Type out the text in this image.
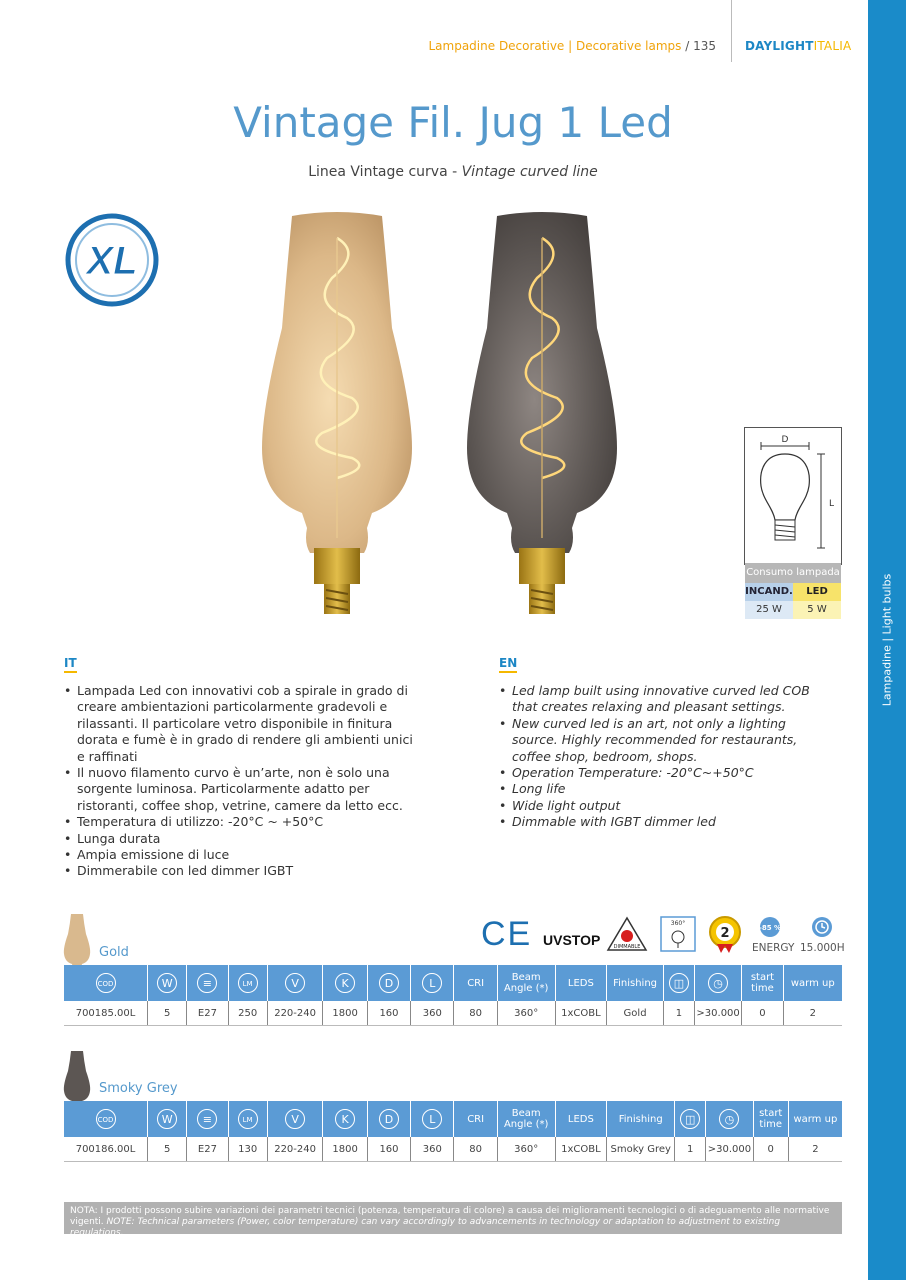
Lampadine Decorative | Decorative lamps / 135 DAYLIGHTITALIA
Lampadine | Light bulbs
Vintage Fil. Jug 1 Led
Linea Vintage curva - Vintage curved line
XL
D
L
Consumo lampada
INCAND.	LED
25 W	5 W
IT
• Lampada Led con innovativi cob a spirale in grado di creare ambientazioni particolarmente gradevoli e rilassanti. Il particolare vetro disponibile in finitura dorata e fumè è in grado di rendere gli ambienti unici e raffinati
• Il nuovo filamento curvo è un’arte, non è solo una sorgente luminosa. Particolarmente adatto per ristoranti, coffee shop, vetrine, camere da letto ecc.
• Temperatura di utilizzo: -20°C ~ +50°C
• Lunga durata
• Ampia emissione di luce
• Dimmerabile con led dimmer IGBT
EN
• Led lamp built using innovative curved led COB that creates relaxing and pleasant settings.
• New curved led is an art, not only a lighting source. Highly recommended for restaurants, coffee shop, bedroom, shops.
• Operation Temperature: -20°C~+50°C
• Long life
• Wide light output
• Dimmable with IGBT dimmer led
CE UVSTOP	DIMMABLE
360°
2	-85 %
ENERGY 15.000H
Gold
COD	W	≡	LM	V	K	D	L	CRI	Beam Angle (*)	LEDS	Finishing	◫	◷	start time	warm up
700185.00L	5	E27	250	220-240	1800	160	360	80	360°	1xCOBL	Gold	1	>30.000	0	2
Smoky Grey
COD	W	≡	LM	V	K	D	L	CRI	Beam Angle (*)	LEDS	Finishing	◫	◷	start time	warm up
700186.00L	5	E27	130	220-240	1800	160	360	80	360°	1xCOBL	Smoky Grey	1	>30.000	0	2
NOTA: I prodotti possono subire variazioni dei parametri tecnici (potenza, temperatura di colore) a causa dei miglioramenti tecnologici o di adeguamento alle normative vigenti. NOTE: Technical parameters (Power, color temperature) can vary accordingly to advancements in technology or adaptation to adjustment to existing regulations.
